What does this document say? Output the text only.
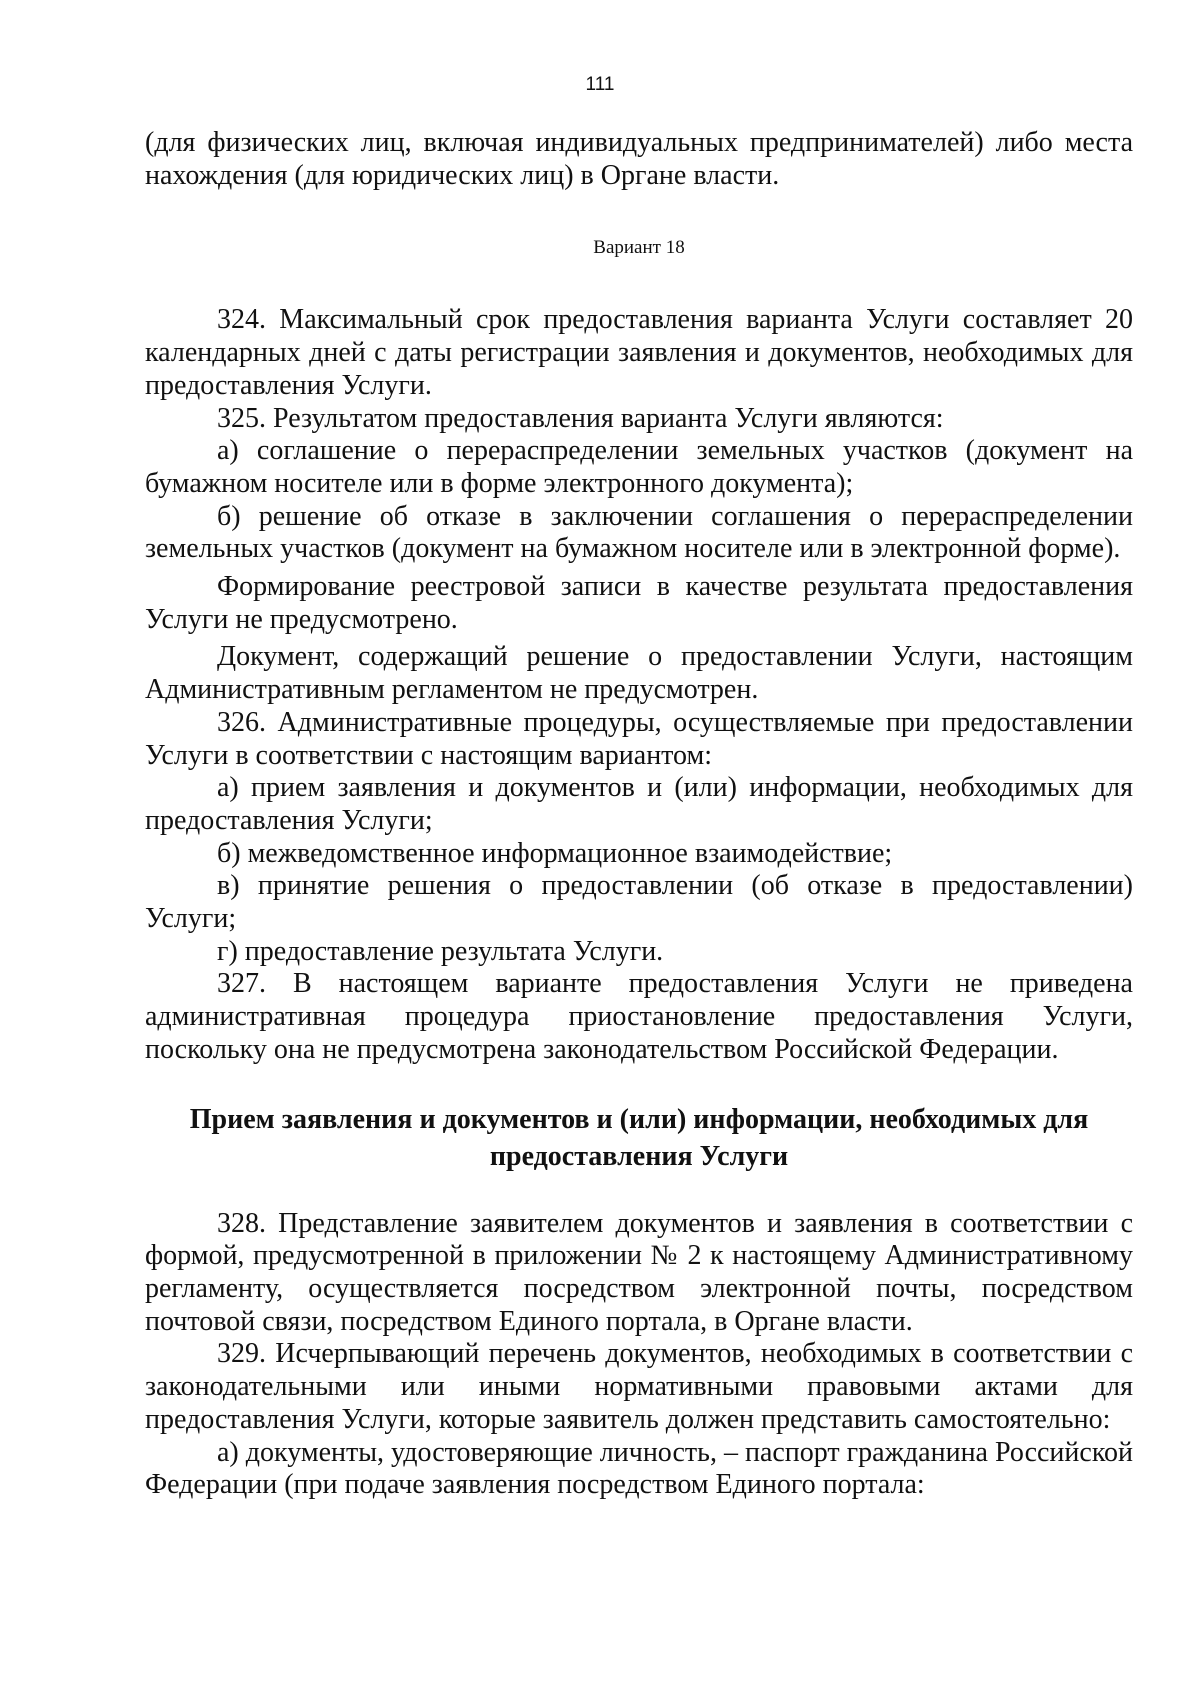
111

(для физических лиц, включая индивидуальных предпринимателей) либо места нахождения (для юридических лиц) в Органе власти.

Вариант 18

324. Максимальный срок предоставления варианта Услуги составляет 20 календарных дней с даты регистрации заявления и документов, необходимых для предоставления Услуги.

325. Результатом предоставления варианта Услуги являются:

а) соглашение о перераспределении земельных участков (документ на бумажном носителе или в форме электронного документа);

б) решение об отказе в заключении соглашения о перераспределении земельных участков (документ на бумажном носителе или в электронной форме).

Формирование реестровой записи в качестве результата предоставления Услуги не предусмотрено.

Документ, содержащий решение о предоставлении Услуги, настоящим Административным регламентом не предусмотрен.

326. Административные процедуры, осуществляемые при предоставлении Услуги в соответствии с настоящим вариантом:

а) прием заявления и документов и (или) информации, необходимых для предоставления Услуги;

б) межведомственное информационное взаимодействие;

в) принятие решения о предоставлении (об отказе в предоставлении) Услуги;

г) предоставление результата Услуги.

327. В настоящем варианте предоставления Услуги не приведена административная процедура приостановление предоставления Услуги, поскольку она не предусмотрена законодательством Российской Федерации.

Прием заявления и документов и (или) информации, необходимых для предоставления Услуги

328. Представление заявителем документов и заявления в соответствии с формой, предусмотренной в приложении № 2 к настоящему Административному регламенту, осуществляется посредством электронной почты, посредством почтовой связи, посредством Единого портала, в Органе власти.

329. Исчерпывающий перечень документов, необходимых в соответствии с законодательными или иными нормативными правовыми актами для предоставления Услуги, которые заявитель должен представить самостоятельно:

а) документы, удостоверяющие личность, – паспорт гражданина Российской Федерации (при подаче заявления посредством Единого портала:
